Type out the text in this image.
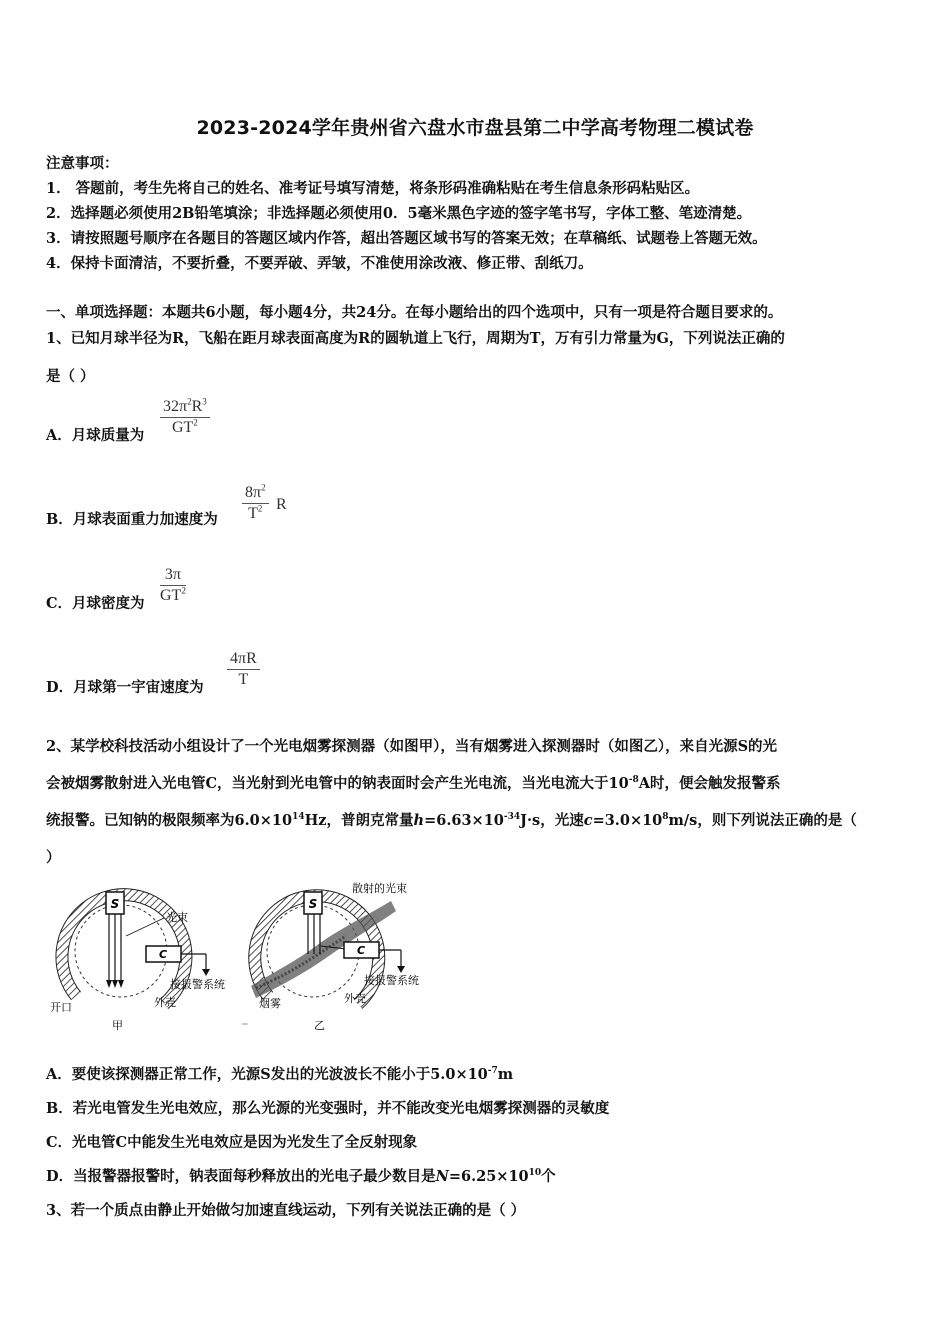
2023-2024学年贵州省六盘水市盘县第二中学高考物理二模试卷
注意事项：
1． 答题前，考生先将自己的姓名、准考证号填写清楚，将条形码准确粘贴在考生信息条形码粘贴区。
2．选择题必须使用2B铅笔填涂；非选择题必须使用0．5毫米黑色字迹的签字笔书写，字体工整、笔迹清楚。
3．请按照题号顺序在各题目的答题区域内作答，超出答题区域书写的答案无效；在草稿纸、试题卷上答题无效。
4．保持卡面清洁，不要折叠，不要弄破、弄皱，不准使用涂改液、修正带、刮纸刀。
一、单项选择题：本题共6小题，每小题4分，共24分。在每小题给出的四个选项中，只有一项是符合题目要求的。
1、已知月球半径为R，飞船在距月球表面高度为R的圆轨道上飞行，周期为T，万有引力常量为G，下列说法正确的
是（ ）
A．月球质量为
$32\pi^2R^3$
$GT^2$
B．月球表面重力加速度为
$8\pi^2$
$T^2$ R
C．月球密度为
3π
$GT^2$
D．月球第一宇宙速度为
4πR
T
2、某学校科技活动小组设计了一个光电烟雾探测器（如图甲），当有烟雾进入探测器时（如图乙），来自光源S的光
会被烟雾散射进入光电管C，当光射到光电管中的钠表面时会产生光电流，当光电流大于$10^{-8}A$时，便会触发报警系
统报警。已知钠的极限频率为$6.0\times 10^{14}Hz$，普朗克常量$h=6.63\times 10^{-34}J\cdot s$，光速$c=3.0\times 10^8m/s$，则下列说法正确的是（
）
S
光束
C
接报警系统
外壳
开口
甲
S
散射的光束
C
接报警系统
外壳
烟雾
乙
A．要使该探测器正常工作，光源S发出的光波波长不能小于$5.0\times 10^{-7}m$
B．若光电管发生光电效应，那么光源的光变强时，并不能改变光电烟雾探测器的灵敏度
C．光电管C中能发生光电效应是因为光发生了全反射现象
D．当报警器报警时，钠表面每秒释放出的光电子最少数目是$N=6.25\times 10^{10}$个
3、若一个质点由静止开始做匀加速直线运动，下列有关说法正确的是（ ）
